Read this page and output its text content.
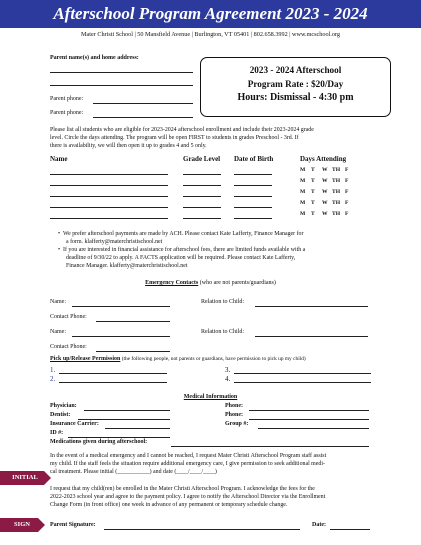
Afterschool Program Agreement 2023 - 2024
Mater Christi School | 50 Mansfield Avenue | Burlington, VT 05401 | 802.658.3992 | www.mcschool.org
Parent name(s) and home address:
Parent phone:
Parent phone:
2023 - 2024 Afterschool
Program Rate : $20/Day
Hours: Dismissal - 4:30 pm
Please list all students who are eligible for 2023-2024 afterschool enrollment and include their 2023-2024 grade
level. Circle the days attending. The program will be open FIRST to students in grades Preschool - 3rd. If
there is availability, we will then open it up to grades 4 and 5 only.
Name	Grade Level Date of Birth	Days Attending
M T W TH F
M T W TH F
M T W TH F
M T W TH F
M T W TH F
• We prefer afterschool payments are made by ACH. Please contact Kate Lafferty, Finance Manager for
a form. klafferty@materchristischool.net
• If you are interested in financial assistance for afterschool fees, there are limited funds available with a
deadline of 9/30/22 to apply. A FACTS application will be required. Please contact Kate Lafferty,
Finance Manager. klafferty@materchristischool.net
Emergency Contacts (who are not parents/guardians)
Name:	Relation to Child:
Contact Phone:
Name:	Relation to Child:
Contact Phone:
Pick up/Release Permission (the following people, not parents or guardians, have permission to pick up my child)
1.
2.
3.
4.
Medical Information
Physician:	Phone:
Dentist:	Phone:
Insurance Carrier:	Group #:
ID #:
Medications given during afterschool:
In the event of a medical emergency and I cannot be reached, I request Mater Christi Afterschool Program staff assist
my child. If the staff feels the situation require additional emergency care, I give permission to seek additional medi-
cal treatment. Please initial (___________) and date (____/____/____)
INITIAL
I request that my child(ren) be enrolled in the Mater Christi Afterschool Program. I acknowledge the fees for the
2022-2023 school year and agree to the payment policy. I agree to notify the Afterschool Director via the Enrollment
Change Form (in front office) one week in advance of any permanent or temporary schedule change.
SIGN	Parent Signature:	Date:
